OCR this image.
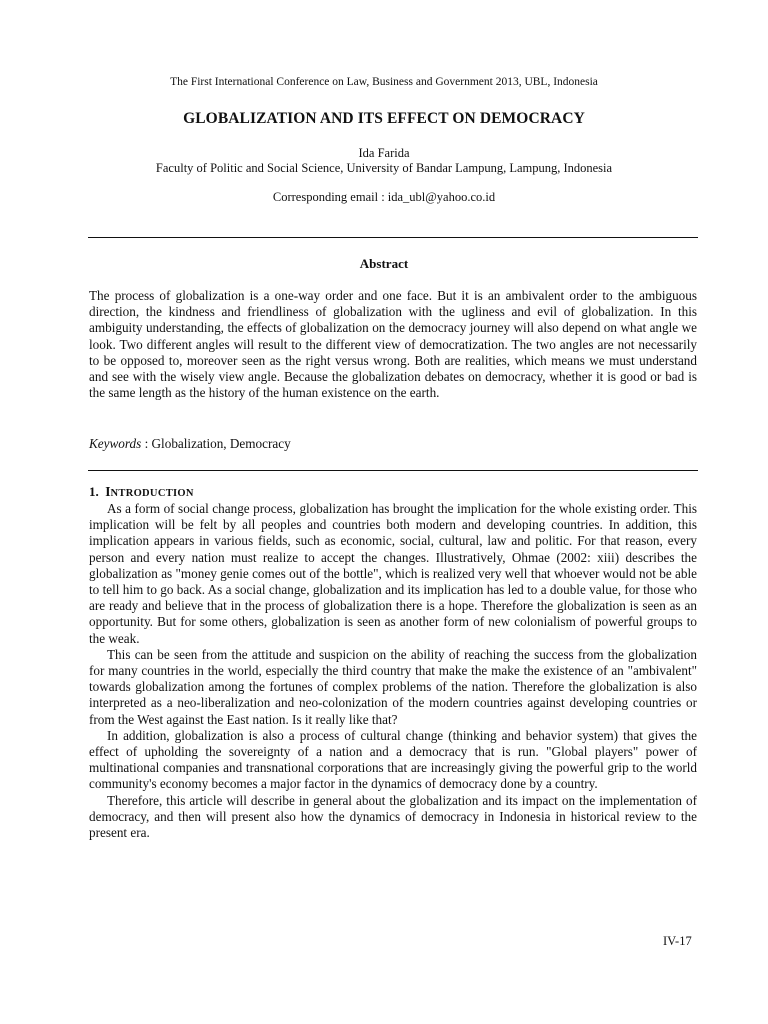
The First International Conference on Law, Business and Government 2013, UBL, Indonesia
GLOBALIZATION AND ITS EFFECT ON DEMOCRACY
Ida Farida
Faculty of Politic and Social Science, University of Bandar Lampung, Lampung, Indonesia
Corresponding email : ida_ubl@yahoo.co.id
Abstract

The process of globalization is a one-way order and one face. But it is an ambivalent order to the ambiguous direction, the kindness and friendliness of globalization with the ugliness and evil of globalization. In this ambiguity understanding, the effects of globalization on the democracy journey will also depend on what angle we look. Two different angles will result to the different view of democratization. The two angles are not necessarily to be opposed to, moreover seen as the right versus wrong. Both are realities, which means we must understand and see with the wisely view angle. Because the globalization debates on democracy, whether it is good or bad is the same length as the history of the human existence on the earth.

Keywords : Globalization, Democracy

1. INTRODUCTION

As a form of social change process, globalization has brought the implication for the whole existing order. This implication will be felt by all peoples and countries both modern and developing countries. In addition, this implication appears in various fields, such as economic, social, cultural, law and politic. For that reason, every person and every nation must realize to accept the changes. Illustratively, Ohmae (2002: xiii) describes the globalization as "money genie comes out of the bottle", which is realized very well that whoever would not be able to tell him to go back. As a social change, globalization and its implication has led to a double value, for those who are ready and believe that in the process of globalization there is a hope. Therefore the globalization is seen as an opportunity. But for some others, globalization is seen as another form of new colonialism of powerful groups to the weak.

This can be seen from the attitude and suspicion on the ability of reaching the success from the globalization for many countries in the world, especially the third country that make the make the existence of an "ambivalent" towards globalization among the fortunes of complex problems of the nation. Therefore the globalization is also interpreted as a neo-liberalization and neo-colonization of the modern countries against developing countries or from the West against the East nation. Is it really like that?

In addition, globalization is also a process of cultural change (thinking and behavior system) that gives the effect of upholding the sovereignty of a nation and a democracy that is run. "Global players" power of multinational companies and transnational corporations that are increasingly giving the powerful grip to the world community's economy becomes a major factor in the dynamics of democracy done by a country.

Therefore, this article will describe in general about the globalization and its impact on the implementation of democracy, and then will present also how the dynamics of democracy in Indonesia in historical review to the present era.

IV-17
